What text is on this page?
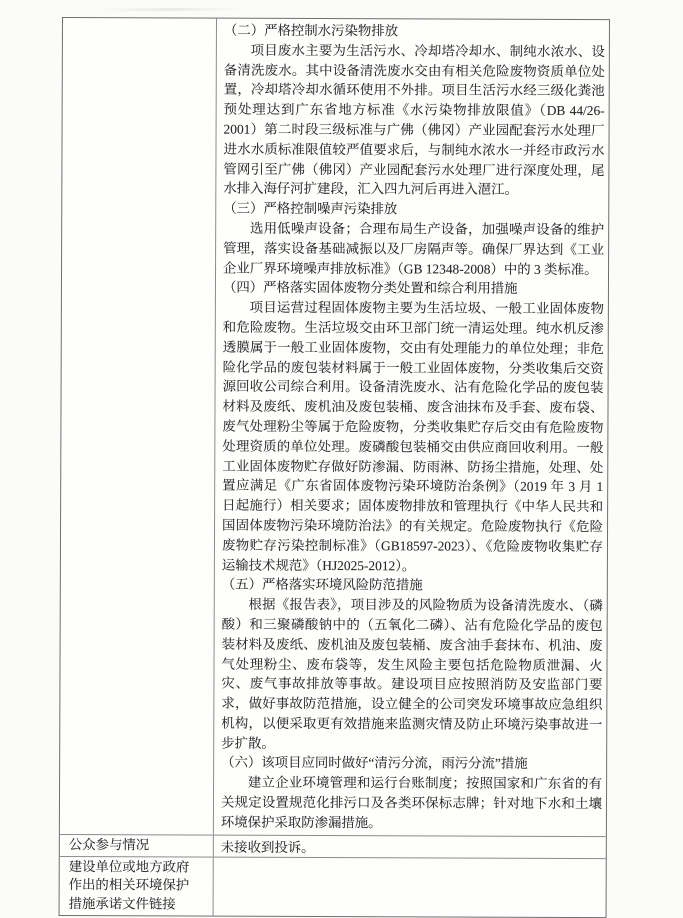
（二）严格控制水污染物排放

项目废水主要为生活污水、冷却塔冷却水、制纯水浓水、设备清洗废水。其中设备清洗废水交由有相关危险废物资质单位处置，冷却塔冷却水循环使用不外排。项目生活污水经三级化粪池预处理达到广东省地方标准《水污染物排放限值》（DB 44/26-2001）第二时段三级标准与广佛（佛冈）产业园配套污水处理厂进水水质标准限值较严值要求后，与制纯水浓水一并经市政污水管网引至广佛（佛冈）产业园配套污水处理厂进行深度处理，尾水排入海仔河扩建段，汇入四九河后再进入潖江。

（三）严格控制噪声污染排放

选用低噪声设备；合理布局生产设备，加强噪声设备的维护管理，落实设备基础减振以及厂房隔声等。确保厂界达到《工业企业厂界环境噪声排放标准》（GB 12348-2008）中的 3 类标准。

（四）严格落实固体废物分类处置和综合利用措施

项目运营过程固体废物主要为生活垃圾、一般工业固体废物和危险废物。生活垃圾交由环卫部门统一清运处理。纯水机反渗透膜属于一般工业固体废物，交由有处理能力的单位处理；非危险化学品的废包装材料属于一般工业固体废物，分类收集后交资源回收公司综合利用。设备清洗废水、沾有危险化学品的废包装材料及废纸、废机油及废包装桶、废含油抹布及手套、废布袋、废气处理粉尘等属于危险废物，分类收集贮存后交由有危险废物处理资质的单位处理。废磷酸包装桶交由供应商回收利用。一般工业固体废物贮存做好防渗漏、防雨淋、防扬尘措施，处理、处置应满足《广东省固体废物污染环境防治条例》（2019 年 3 月 1 日起施行）相关要求；固体废物排放和管理执行《中华人民共和国固体废物污染环境防治法》的有关规定。危险废物执行《危险废物贮存污染控制标准》（GB18597-2023）、《危险废物收集贮存运输技术规范》（HJ2025-2012）。

（五）严格落实环境风险防范措施

根据《报告表》，项目涉及的风险物质为设备清洗废水、（磷酸）和三聚磷酸钠中的（五氧化二磷）、沾有危险化学品的废包装材料及废纸、废机油及废包装桶、废含油手套抹布、机油、废气处理粉尘、废布袋等，发生风险主要包括危险物质泄漏、火灾、废气事故排放等事故。建设项目应按照消防及安监部门要求，做好事故防范措施，设立健全的公司突发环境事故应急组织机构，以便采取更有效措施来监测灾情及防止环境污染事故进一步扩散。

（六）该项目应同时做好“清污分流，雨污分流”措施

建立企业环境管理和运行台账制度；按照国家和广东省的有关规定设置规范化排污口及各类环保标志牌；针对地下水和土壤环境保护采取防渗漏措施。

公众参与情况	未接收到投诉。
建设单位或地方政府作出的相关环境保护措施承诺文件链接
